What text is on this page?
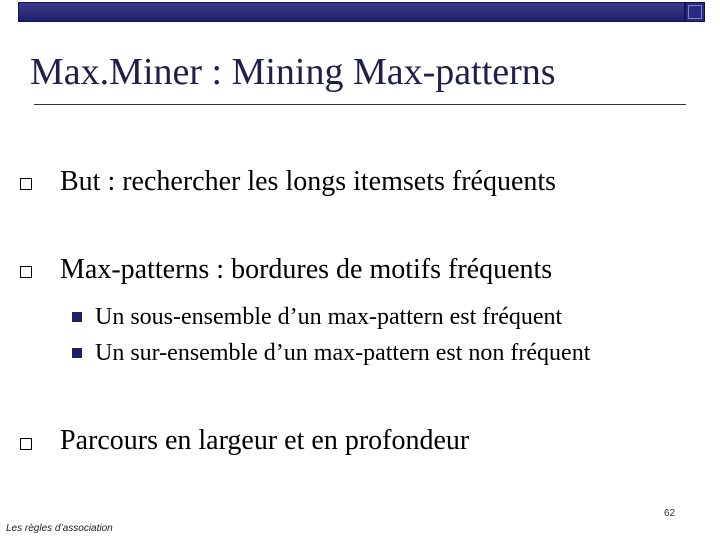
Max.Miner : Mining Max-patterns
But : rechercher les longs itemsets fréquents
Max-patterns : bordures de motifs fréquents
Un sous-ensemble d’un max-pattern est fréquent
Un sur-ensemble d’un max-pattern est non fréquent
Parcours en largeur et en profondeur
62
Les règles d’association
